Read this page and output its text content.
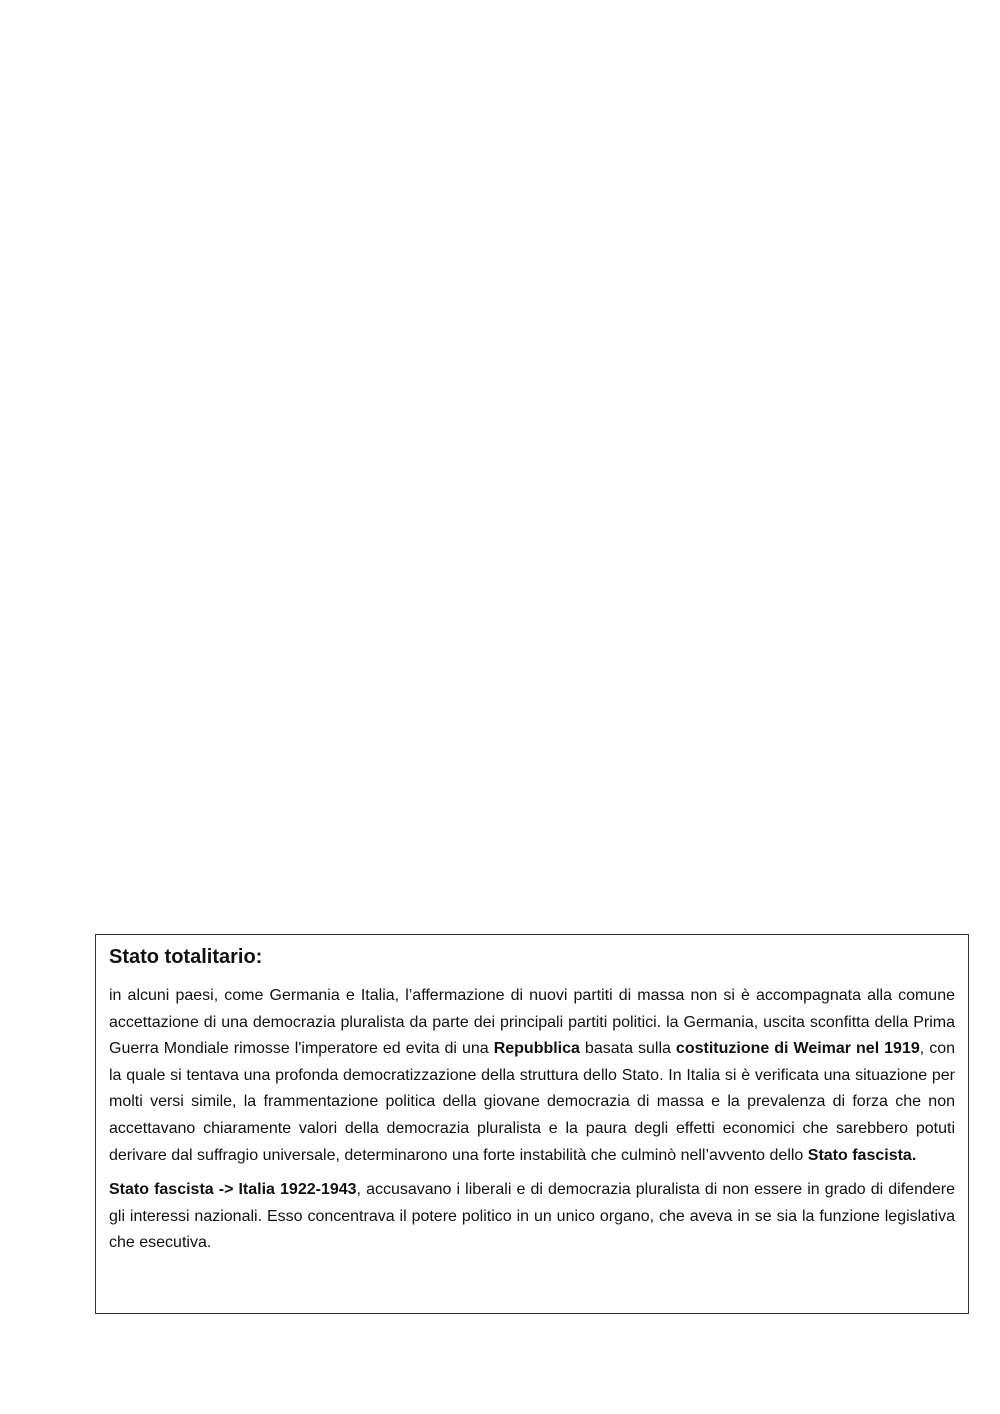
Stato totalitario:

in alcuni paesi, come Germania e Italia, l’affermazione di nuovi partiti di massa non si è accompagnata alla comune accettazione di una democrazia pluralista da parte dei principali partiti politici. la Germania, uscita sconfitta della Prima Guerra Mondiale rimosse l'imperatore ed evita di una Repubblica basata sulla costituzione di Weimar nel 1919, con la quale si tentava una profonda democratizzazione della struttura dello Stato. In Italia si è verificata una situazione per molti versi simile, la frammentazione politica della giovane democrazia di massa e la prevalenza di forza che non accettavano chiaramente valori della democrazia pluralista e la paura degli effetti economici che sarebbero potuti derivare dal suffragio universale, determinarono una forte instabilità che culminò nell’avvento dello Stato fascista.

Stato fascista -> Italia 1922-1943, accusavano i liberali e di democrazia pluralista di non essere in grado di difendere gli interessi nazionali. Esso concentrava il potere politico in un unico organo, che aveva in se sia la funzione legislativa che esecutiva.
